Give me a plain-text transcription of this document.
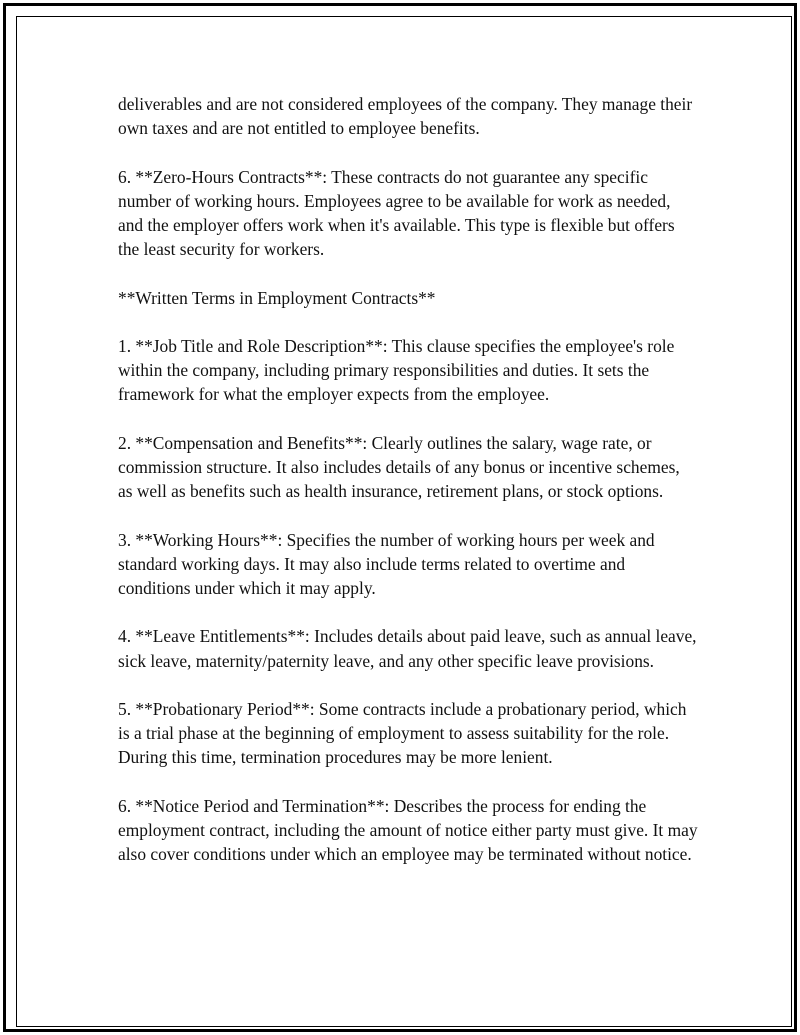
deliverables and are not considered employees of the company. They manage their own taxes and are not entitled to employee benefits.

6. **Zero-Hours Contracts**: These contracts do not guarantee any specific number of working hours. Employees agree to be available for work as needed, and the employer offers work when it's available. This type is flexible but offers the least security for workers.

**Written Terms in Employment Contracts**

1. **Job Title and Role Description**: This clause specifies the employee's role within the company, including primary responsibilities and duties. It sets the framework for what the employer expects from the employee.

2. **Compensation and Benefits**: Clearly outlines the salary, wage rate, or commission structure. It also includes details of any bonus or incentive schemes, as well as benefits such as health insurance, retirement plans, or stock options.

3. **Working Hours**: Specifies the number of working hours per week and standard working days. It may also include terms related to overtime and conditions under which it may apply.

4. **Leave Entitlements**: Includes details about paid leave, such as annual leave, sick leave, maternity/paternity leave, and any other specific leave provisions.

5. **Probationary Period**: Some contracts include a probationary period, which is a trial phase at the beginning of employment to assess suitability for the role. During this time, termination procedures may be more lenient.

6. **Notice Period and Termination**: Describes the process for ending the employment contract, including the amount of notice either party must give. It may also cover conditions under which an employee may be terminated without notice.
